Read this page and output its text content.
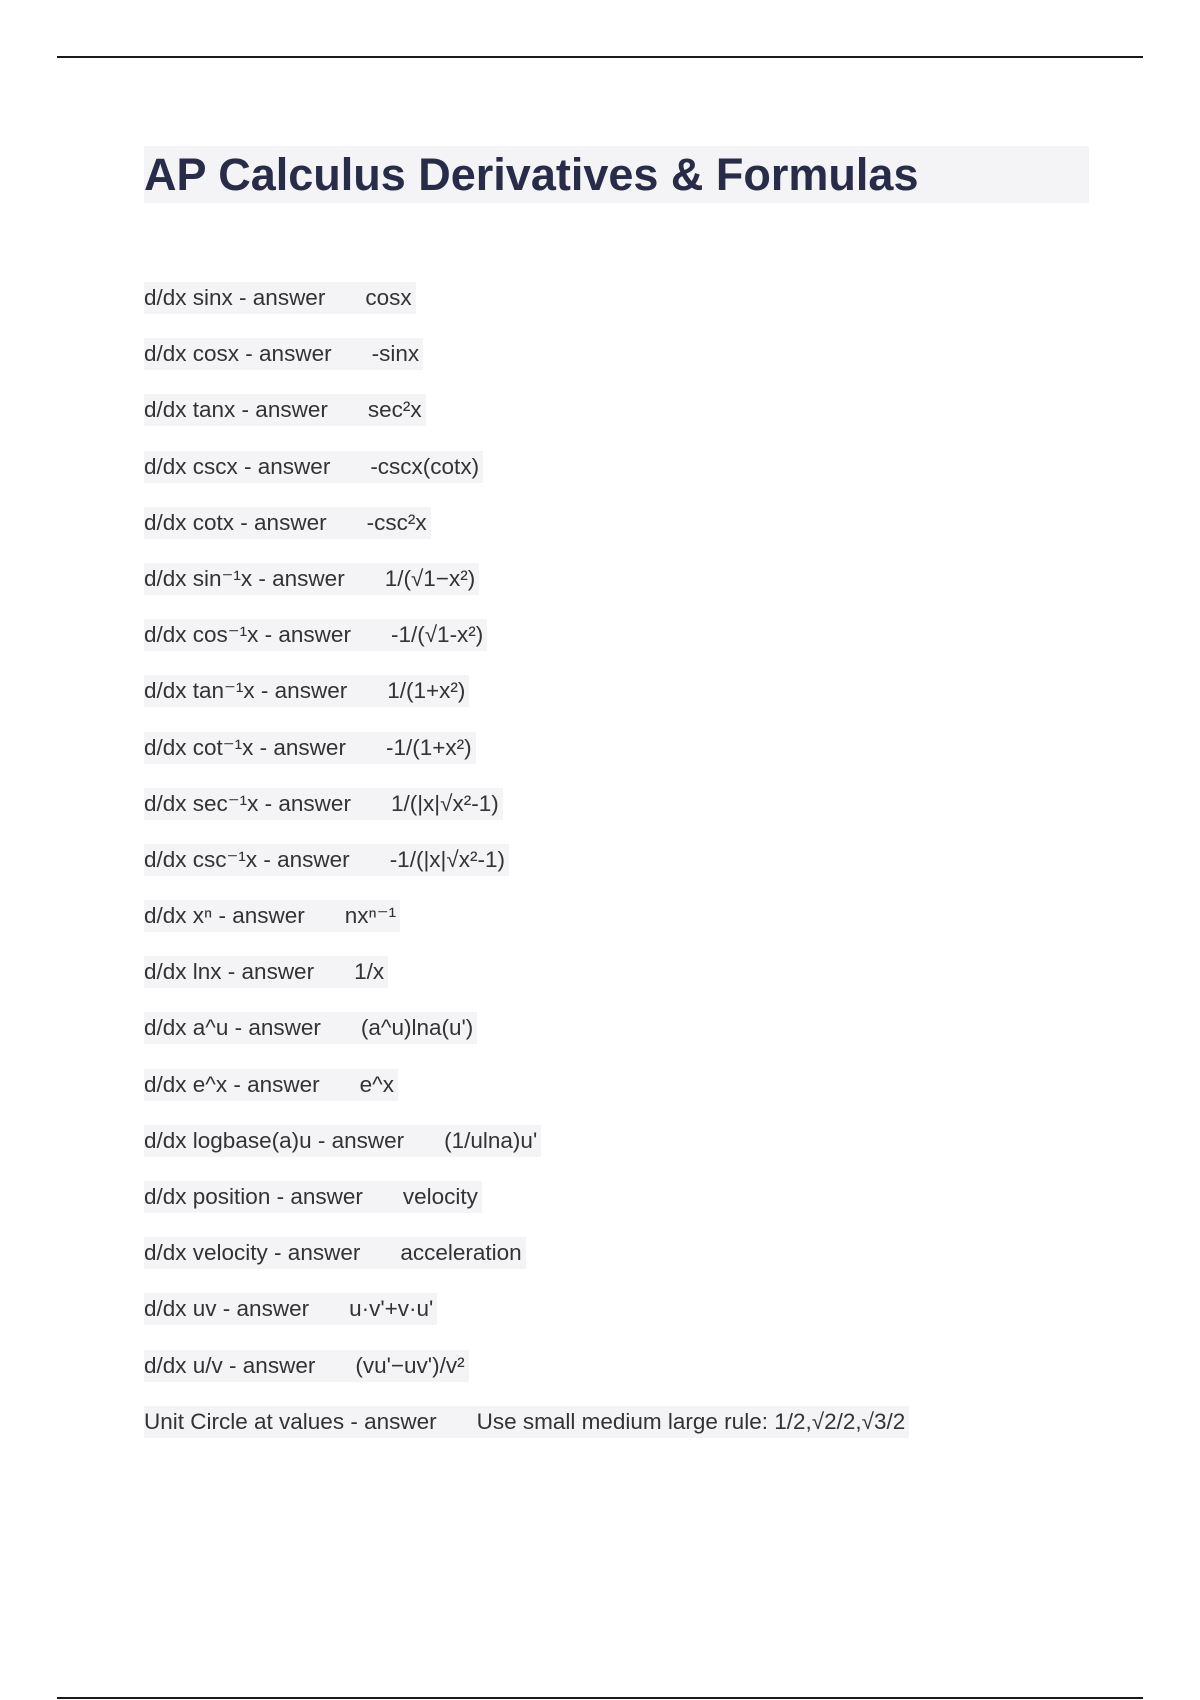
AP Calculus Derivatives & Formulas
d/dx sinx - answer cosx
d/dx cosx - answer -sinx
d/dx tanx - answer sec²x
d/dx cscx - answer -cscx(cotx)
d/dx cotx - answer -csc²x
d/dx sin⁻¹x - answer 1/(√1−x²)
d/dx cos⁻¹x - answer -1/(√1-x²)
d/dx tan⁻¹x - answer 1/(1+x²)
d/dx cot⁻¹x - answer -1/(1+x²)
d/dx sec⁻¹x - answer 1/(|x|√x²-1)
d/dx csc⁻¹x - answer -1/(|x|√x²-1)
d/dx xⁿ - answer nxⁿ⁻¹
d/dx lnx - answer 1/x
d/dx a^u - answer (a^u)lna(u')
d/dx e^x - answer e^x
d/dx logbase(a)u - answer (1/ulna)u'
d/dx position - answer velocity
d/dx velocity - answer acceleration
d/dx uv - answer u·v'+v·u'
d/dx u/v - answer (vu'−uv')/v²
Unit Circle at values - answer Use small medium large rule: 1/2,√2/2,√3/2
